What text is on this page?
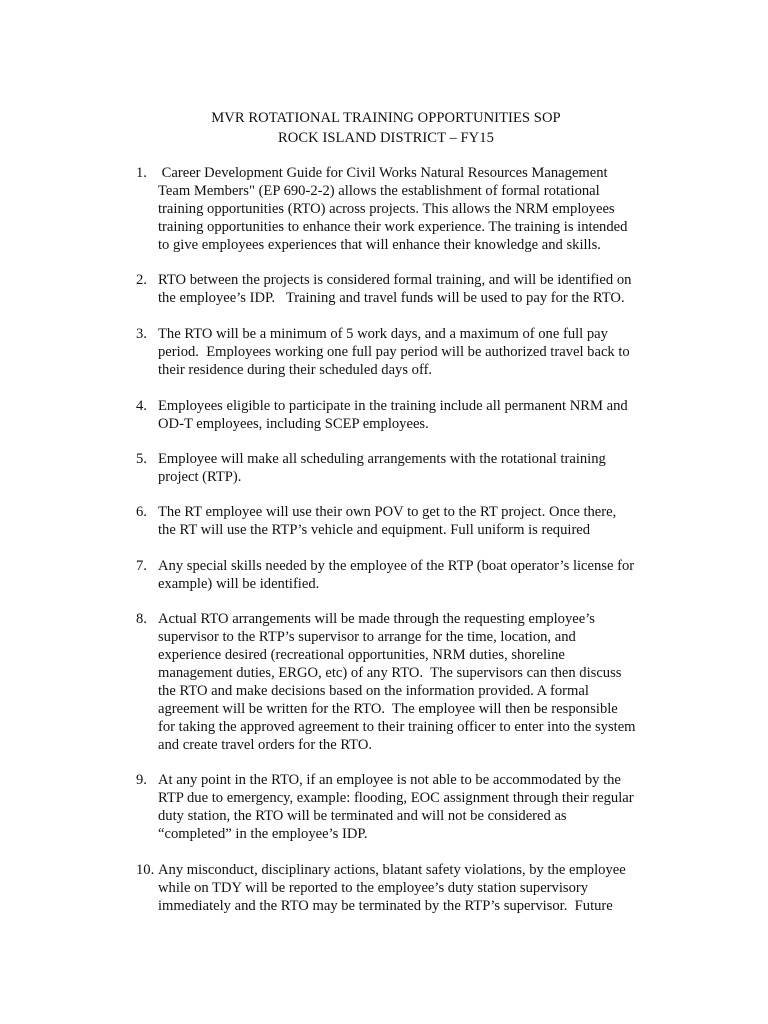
MVR ROTATIONAL TRAINING OPPORTUNITIES SOP
ROCK ISLAND DISTRICT – FY15
1. Career Development Guide for Civil Works Natural Resources Management
Team Members" (EP 690-2-2) allows the establishment of formal rotational
training opportunities (RTO) across projects. This allows the NRM employees
training opportunities to enhance their work experience. The training is intended
to give employees experiences that will enhance their knowledge and skills.
2. RTO between the projects is considered formal training, and will be identified on
the employee’s IDP.   Training and travel funds will be used to pay for the RTO.
3. The RTO will be a minimum of 5 work days, and a maximum of one full pay
period.  Employees working one full pay period will be authorized travel back to
their residence during their scheduled days off.
4. Employees eligible to participate in the training include all permanent NRM and
OD-T employees, including SCEP employees.
5. Employee will make all scheduling arrangements with the rotational training
project (RTP).
6. The RT employee will use their own POV to get to the RT project. Once there,
the RT will use the RTP’s vehicle and equipment. Full uniform is required
7. Any special skills needed by the employee of the RTP (boat operator’s license for
example) will be identified.
8. Actual RTO arrangements will be made through the requesting employee’s
supervisor to the RTP’s supervisor to arrange for the time, location, and
experience desired (recreational opportunities, NRM duties, shoreline
management duties, ERGO, etc) of any RTO.  The supervisors can then discuss
the RTO and make decisions based on the information provided. A formal
agreement will be written for the RTO.  The employee will then be responsible
for taking the approved agreement to their training officer to enter into the system
and create travel orders for the RTO.
9. At any point in the RTO, if an employee is not able to be accommodated by the
RTP due to emergency, example: flooding, EOC assignment through their regular
duty station, the RTO will be terminated and will not be considered as
“completed” in the employee’s IDP.
10. Any misconduct, disciplinary actions, blatant safety violations, by the employee
while on TDY will be reported to the employee’s duty station supervisory
immediately and the RTO may be terminated by the RTP’s supervisor.  Future
